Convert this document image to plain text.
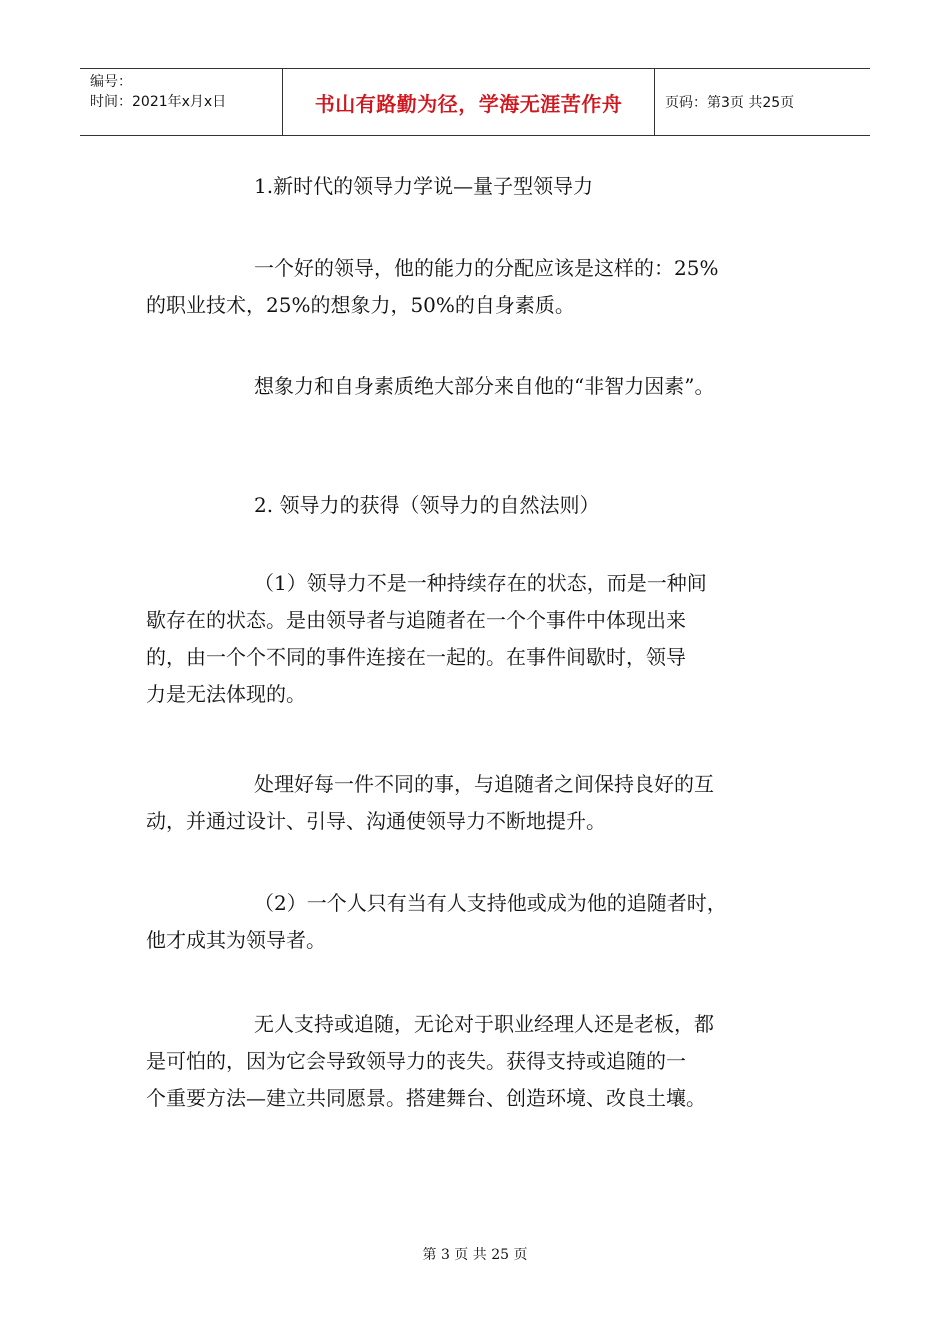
编号：
时间：2021年x月x日	书山有路勤为径，学海无涯苦作舟	页码：第3页 共25页
1.新时代的领导力学说—量子型领导力
一个好的领导，他的能力的分配应该是这样的：25%
的职业技术，25%的想象力，50%的自身素质。
想象力和自身素质绝大部分来自他的“非智力因素”。
2. 领导力的获得（领导力的自然法则）
（1）领导力不是一种持续存在的状态，而是一种间
歇存在的状态。是由领导者与追随者在一个个事件中体现出来
的，由一个个不同的事件连接在一起的。在事件间歇时，领导
力是无法体现的。
处理好每一件不同的事，与追随者之间保持良好的互
动，并通过设计、引导、沟通使领导力不断地提升。
（2）一个人只有当有人支持他或成为他的追随者时，
他才成其为领导者。
无人支持或追随，无论对于职业经理人还是老板，都
是可怕的，因为它会导致领导力的丧失。获得支持或追随的一
个重要方法—建立共同愿景。搭建舞台、创造环境、改良土壤。
第 3 页 共 25 页
